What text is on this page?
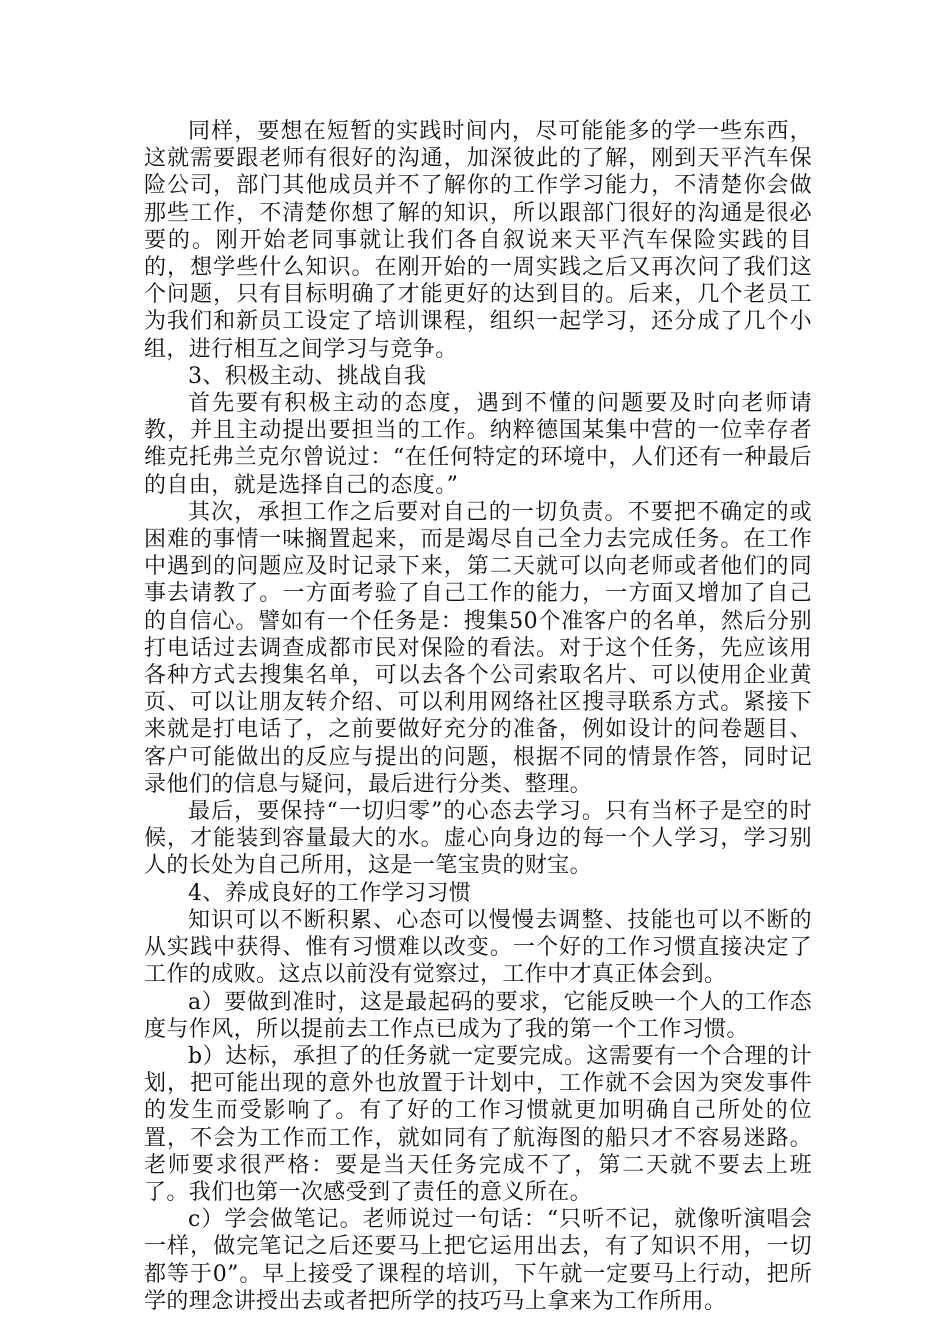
同样，要想在短暂的实践时间内，尽可能能多的学一些东西，这就需要跟老师有很好的沟通，加深彼此的了解，刚到天平汽车保险公司，部门其他成员并不了解你的工作学习能力，不清楚你会做那些工作，不清楚你想了解的知识，所以跟部门很好的沟通是很必要的。刚开始老同事就让我们各自叙说来天平汽车保险实践的目的，想学些什么知识。在刚开始的一周实践之后又再次问了我们这个问题，只有目标明确了才能更好的达到目的。后来，几个老员工为我们和新员工设定了培训课程，组织一起学习，还分成了几个小组，进行相互之间学习与竞争。

3、积极主动、挑战自我

首先要有积极主动的态度，遇到不懂的问题要及时向老师请教，并且主动提出要担当的工作。纳粹德国某集中营的一位幸存者维克托弗兰克尔曾说过：“在任何特定的环境中，人们还有一种最后的自由，就是选择自己的态度。”

其次，承担工作之后要对自己的一切负责。不要把不确定的或困难的事情一味搁置起来，而是竭尽自己全力去完成任务。在工作中遇到的问题应及时记录下来，第二天就可以向老师或者他们的同事去请教了。一方面考验了自己工作的能力，一方面又增加了自己的自信心。譬如有一个任务是：搜集50个准客户的名单，然后分别打电话过去调查成都市民对保险的看法。对于这个任务，先应该用各种方式去搜集名单，可以去各个公司索取名片、可以使用企业黄页、可以让朋友转介绍、可以利用网络社区搜寻联系方式。紧接下来就是打电话了，之前要做好充分的准备，例如设计的问卷题目、客户可能做出的反应与提出的问题，根据不同的情景作答，同时记录他们的信息与疑问，最后进行分类、整理。

最后，要保持“一切归零”的心态去学习。只有当杯子是空的时候，才能装到容量最大的水。虚心向身边的每一个人学习，学习别人的长处为自己所用，这是一笔宝贵的财宝。

4、养成良好的工作学习习惯

知识可以不断积累、心态可以慢慢去调整、技能也可以不断的从实践中获得、惟有习惯难以改变。一个好的工作习惯直接决定了工作的成败。这点以前没有觉察过，工作中才真正体会到。

a）要做到准时，这是最起码的要求，它能反映一个人的工作态度与作风，所以提前去工作点已成为了我的第一个工作习惯。

b）达标，承担了的任务就一定要完成。这需要有一个合理的计划，把可能出现的意外也放置于计划中，工作就不会因为突发事件的发生而受影响了。有了好的工作习惯就更加明确自己所处的位置，不会为工作而工作，就如同有了航海图的船只才不容易迷路。老师要求很严格：要是当天任务完成不了，第二天就不要去上班了。我们也第一次感受到了责任的意义所在。

c）学会做笔记。老师说过一句话：“只听不记，就像听演唱会一样，做完笔记之后还要马上把它运用出去，有了知识不用，一切都等于0”。早上接受了课程的培训，下午就一定要马上行动，把所学的理念讲授出去或者把所学的技巧马上拿来为工作所用。
